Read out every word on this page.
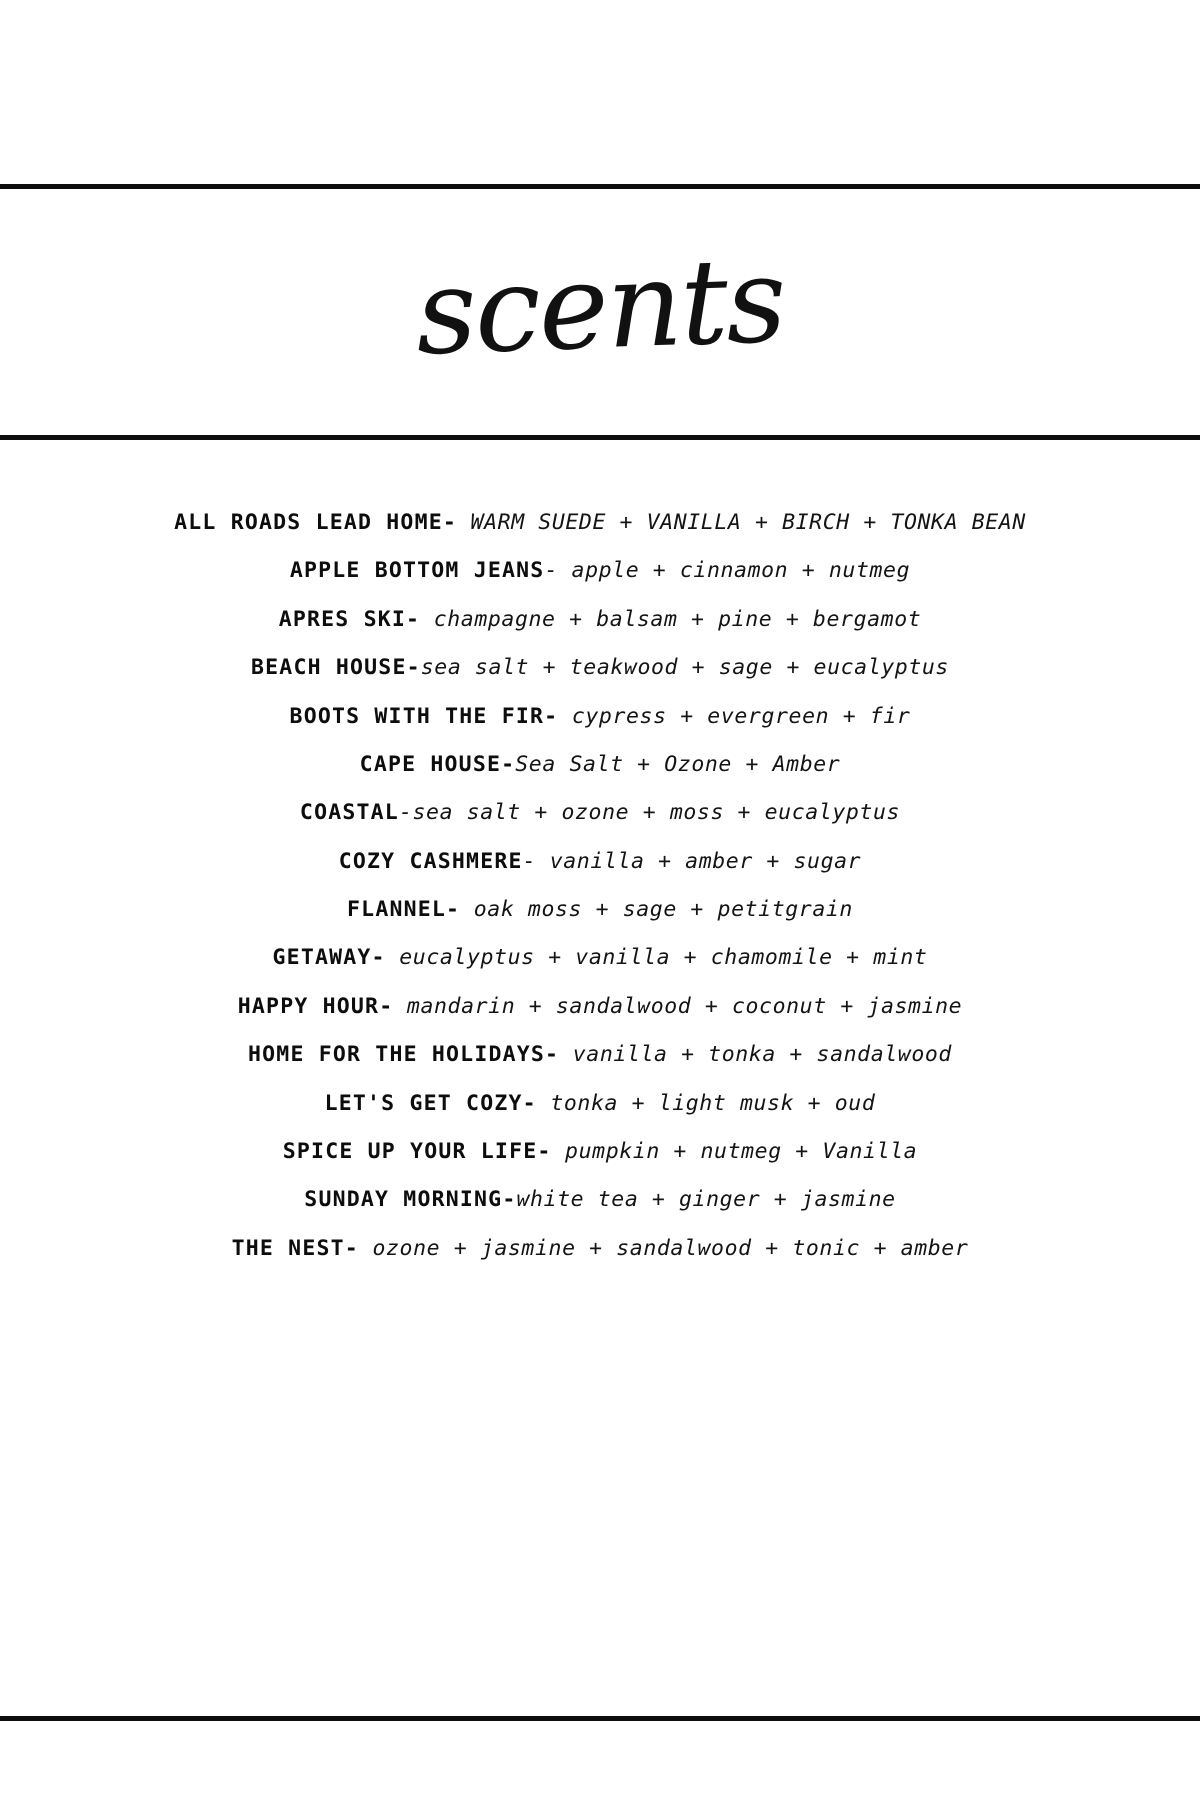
scents
ALL ROADS LEAD HOME- WARM SUEDE + VANILLA + BIRCH + TONKA BEAN
APPLE BOTTOM JEANS- apple + cinnamon + nutmeg
APRES SKI- champagne + balsam + pine + bergamot
BEACH HOUSE-sea salt + teakwood + sage + eucalyptus
BOOTS WITH THE FIR- cypress + evergreen + fir
CAPE HOUSE-Sea Salt + Ozone + Amber
COASTAL-sea salt + ozone + moss + eucalyptus
COZY CASHMERE- vanilla + amber + sugar
FLANNEL- oak moss + sage + petitgrain
GETAWAY- eucalyptus + vanilla + chamomile + mint
HAPPY HOUR- mandarin + sandalwood + coconut + jasmine
HOME FOR THE HOLIDAYS- vanilla + tonka + sandalwood
LET'S GET COZY- tonka + light musk + oud
SPICE UP YOUR LIFE- pumpkin + nutmeg + Vanilla
SUNDAY MORNING-white tea + ginger + jasmine
THE NEST- ozone + jasmine + sandalwood + tonic + amber
